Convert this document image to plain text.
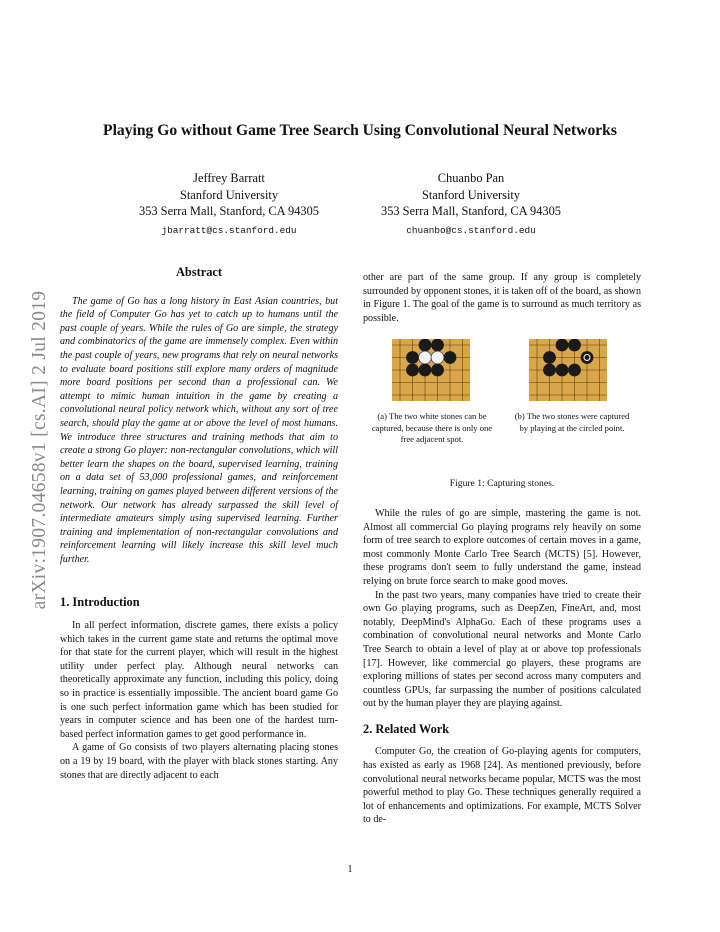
Playing Go without Game Tree Search Using Convolutional Neural Networks
Jeffrey Barratt
Stanford University
353 Serra Mall, Stanford, CA 94305
jbarratt@cs.stanford.edu
Chuanbo Pan
Stanford University
353 Serra Mall, Stanford, CA 94305
chuanbo@cs.stanford.edu
arXiv:1907.04658v1 [cs.AI] 2 Jul 2019
Abstract

The game of Go has a long history in East Asian countries, but the field of Computer Go has yet to catch up to humans until the past couple of years. While the rules of Go are simple, the strategy and combinatorics of the game are immensely complex. Even within the past couple of years, new programs that rely on neural networks to evaluate board positions still explore many orders of magnitude more board positions per second than a professional can. We attempt to mimic human intuition in the game by creating a convolutional neural policy network which, without any sort of tree search, should play the game at or above the level of most humans. We introduce three structures and training methods that aim to create a strong Go player: non-rectangular convolutions, which will better learn the shapes on the board, supervised learning, training on a data set of 53,000 professional games, and reinforcement learning, training on games played between different versions of the network. Our network has already surpassed the skill level of intermediate amateurs simply using supervised learning. Further training and implementation of non-rectangular convolutions and reinforcement learning will likely increase this skill level much further.

1. Introduction

In all perfect information, discrete games, there exists a policy which takes in the current game state and returns the optimal move for that state for the current player, which will result in the highest utility under perfect play. Although neural networks can theoretically approximate any function, including this policy, doing so in practice is essentially impossible. The ancient board game Go is one such perfect information game which has been studied for years in computer science and has been one of the hardest turn-based perfect information games to get good performance in.

A game of Go consists of two players alternating placing stones on a 19 by 19 board, with the player with black stones starting. Any stones that are directly adjacent to each

other are part of the same group. If any group is completely surrounded by opponent stones, it is taken off of the board, as shown in Figure 1. The goal of the game is to surround as much territory as possible.

(a) The two white stones can be captured, because there is only one free adjacent spot.
(b) The two stones were captured by playing at the circled point.
Figure 1: Capturing stones.

While the rules of go are simple, mastering the game is not. Almost all commercial Go playing programs rely heavily on some form of tree search to explore outcomes of certain moves in a game, most commonly Monte Carlo Tree Search (MCTS) [5]. However, these programs don't seem to fully understand the game, instead relying on brute force search to make good moves.

In the past two years, many companies have tried to create their own Go playing programs, such as DeepZen, FineArt, and, most notably, DeepMind's AlphaGo. Each of these programs uses a combination of convolutional neural networks and Monte Carlo Tree Search to obtain a level of play at or above top professionals [17]. However, like commercial go players, these programs are exploring millions of states per second across many computers and countless GPUs, far surpassing the number of positions calculated out by the human player they are playing against.

2. Related Work

Computer Go, the creation of Go-playing agents for computers, has existed as early as 1968 [24]. As mentioned previously, before convolutional neural networks became popular, MCTS was the most powerful method to play Go. These techniques generally required a lot of enhancements and optimizations. For example, MCTS Solver to de-

1
